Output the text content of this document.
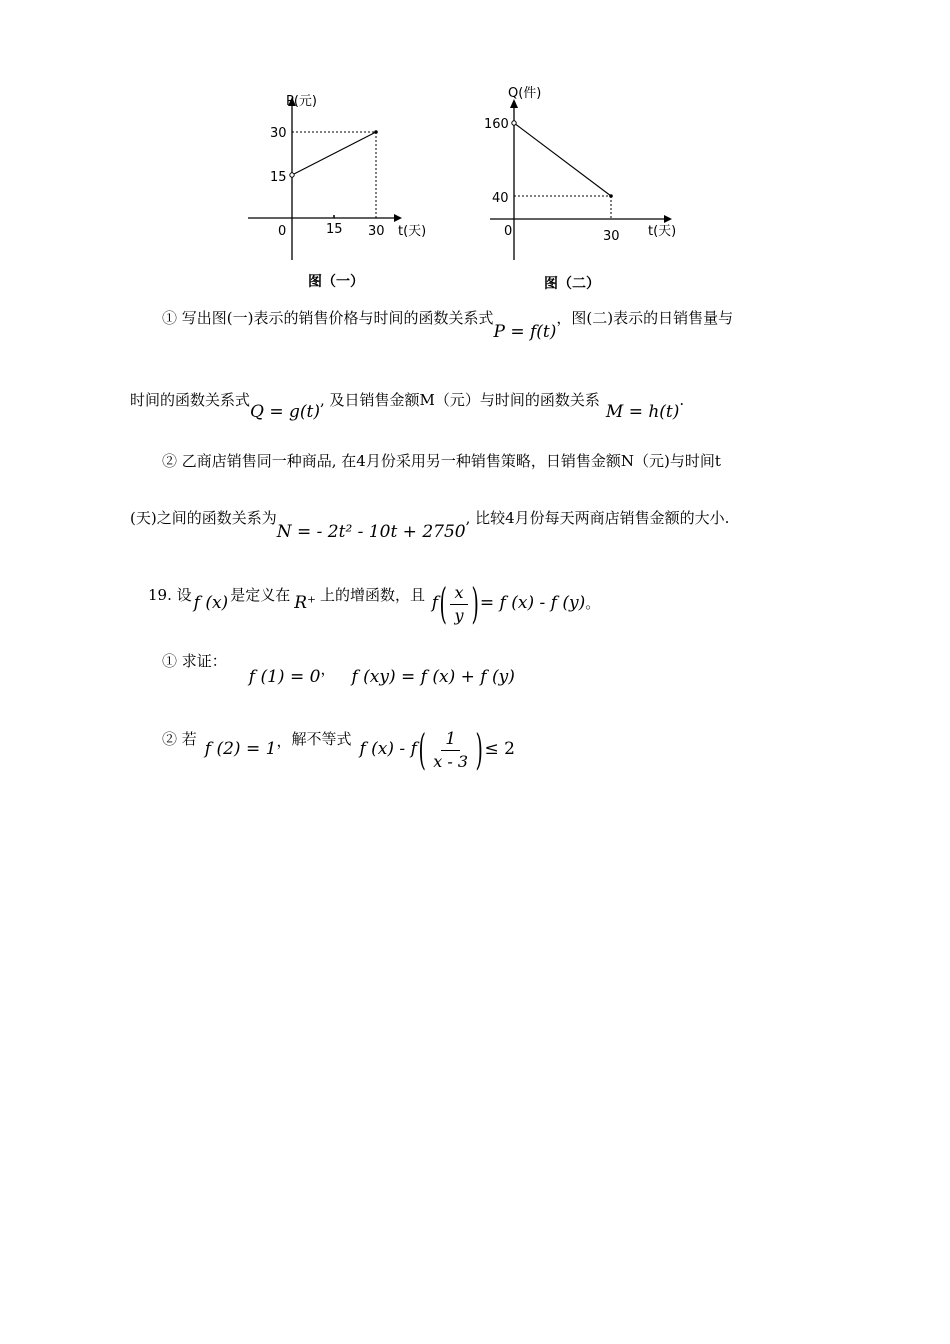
P(元)
30
15
0	15 30 t(天)
图（一）
Q(件)
160
40
0	30 t(天)
图（二）
① 写出图(一)表示的销售价格与时间的函数关系式P = f(t)，图(二)表示的日销售量与
时间的函数关系式Q = g(t), 及日销售金额M（元）与时间的函数关系M = h(t).
② 乙商店销售同一种商品, 在4月份采用另一种销售策略，日销售金额N（元)与时间t
(天)之间的函数关系为N = - 2t² - 10t + 2750, 比较4月份每天两商店销售金额的大小.
19. 设 f (x) 是定义在 R⁺ 上的增函数，且 $f( \frac{x}{y}$ )= f (x) - f (y)。
① 求证：f (1) = 0， f (xy) = f (x) + f (y)
② 若 f (2) = 1，解不等式 f $(x) - f( \frac{1}{x - 3}$ )≤ 2
